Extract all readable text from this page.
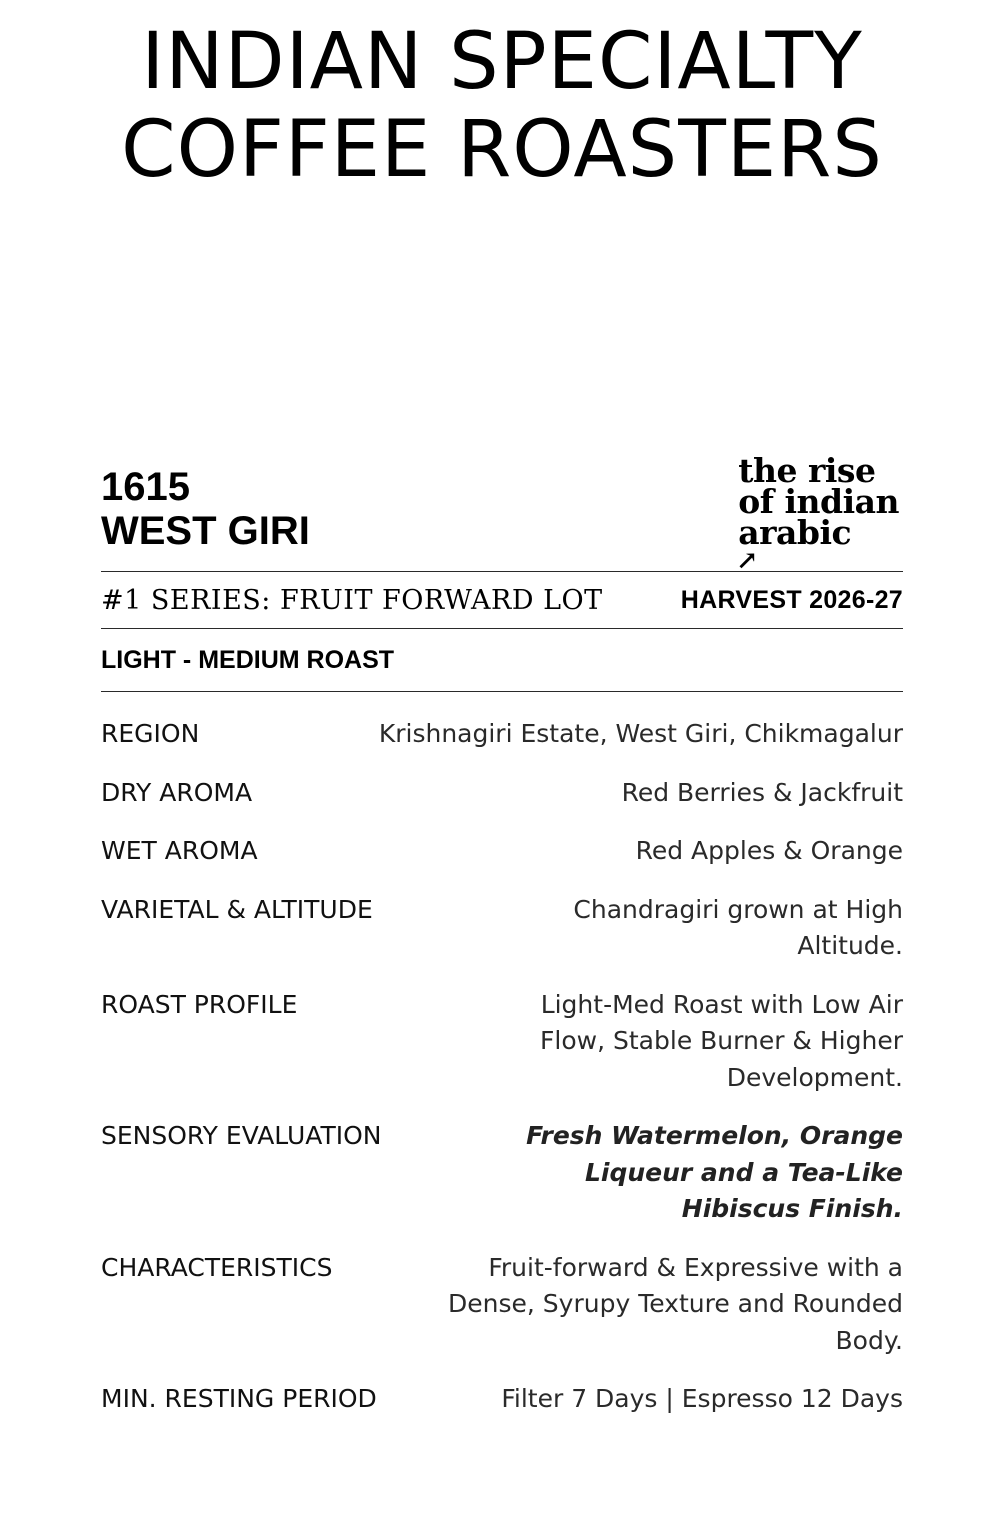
INDIAN SPECIALTY
COFFEE ROASTERS
1615
WEST GIRI
the rise
of indian
arabic
↗
#1 SERIES: FRUIT FORWARD LOT	HARVEST 2026-27
LIGHT - MEDIUM ROAST
REGION	Krishnagiri Estate, West Giri, Chikmagalur
DRY AROMA	Red Berries & Jackfruit
WET AROMA	Red Apples & Orange
VARIETAL & ALTITUDE	Chandragiri grown at High Altitude.
ROAST PROFILE	Light-Med Roast with Low Air Flow, Stable Burner & Higher Development.
SENSORY EVALUATION	Fresh Watermelon, Orange Liqueur and a Tea-Like Hibiscus Finish.
CHARACTERISTICS	Fruit-forward & Expressive with a Dense, Syrupy Texture and Rounded Body.
MIN. RESTING PERIOD	Filter 7 Days | Espresso 12 Days
